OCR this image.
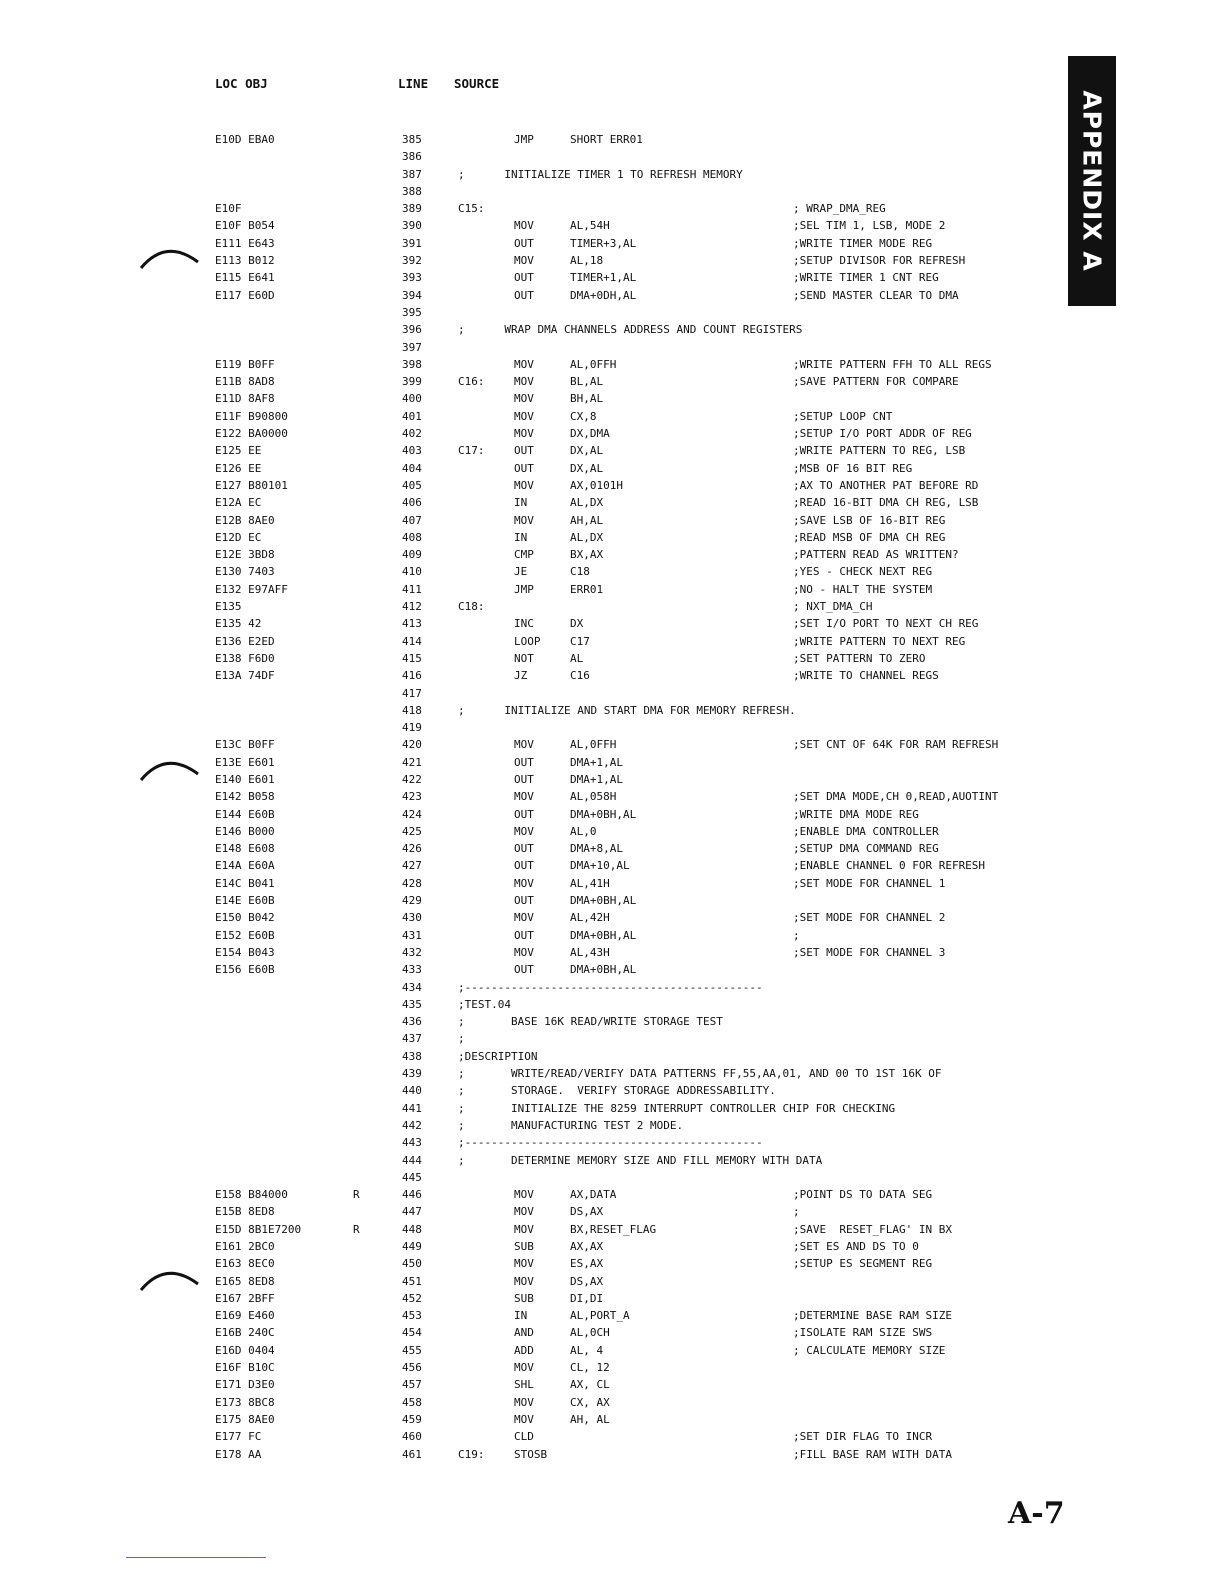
LOC OBJ	LINE SOURCE
APPENDIX A
E10D EBA0	385	JMP	SHORT ERR01
386
387	;      INITIALIZE TIMER 1 TO REFRESH MEMORY
388
E10F	389	C15:	; WRAP_DMA_REG
E10F B054	390	MOV	AL,54H	;SEL TIM 1, LSB, MODE 2
E111 E643	391	OUT	TIMER+3,AL	;WRITE TIMER MODE REG
E113 B012	392	MOV	AL,18	;SETUP DIVISOR FOR REFRESH
E115 E641	393	OUT	TIMER+1,AL	;WRITE TIMER 1 CNT REG
E117 E60D	394	OUT	DMA+0DH,AL	;SEND MASTER CLEAR TO DMA
395
396	;      WRAP DMA CHANNELS ADDRESS AND COUNT REGISTERS
397
E119 B0FF	398	MOV	AL,0FFH	;WRITE PATTERN FFH TO ALL REGS
E11B 8AD8	399	C16:	MOV	BL,AL	;SAVE PATTERN FOR COMPARE
E11D 8AF8	400	MOV	BH,AL
E11F B90800	401	MOV	CX,8	;SETUP LOOP CNT
E122 BA0000	402	MOV	DX,DMA	;SETUP I/O PORT ADDR OF REG
E125 EE	403	C17:	OUT	DX,AL	;WRITE PATTERN TO REG, LSB
E126 EE	404	OUT	DX,AL	;MSB OF 16 BIT REG
E127 B80101	405	MOV	AX,0101H	;AX TO ANOTHER PAT BEFORE RD
E12A EC	406	IN	AL,DX	;READ 16-BIT DMA CH REG, LSB
E12B 8AE0	407	MOV	AH,AL	;SAVE LSB OF 16-BIT REG
E12D EC	408	IN	AL,DX	;READ MSB OF DMA CH REG
E12E 3BD8	409	CMP	BX,AX	;PATTERN READ AS WRITTEN?
E130 7403	410	JE	C18	;YES - CHECK NEXT REG
E132 E97AFF	411	JMP	ERR01	;NO - HALT THE SYSTEM
E135	412	C18:	; NXT_DMA_CH
E135 42	413	INC	DX	;SET I/O PORT TO NEXT CH REG
E136 E2ED	414	LOOP	C17	;WRITE PATTERN TO NEXT REG
E138 F6D0	415	NOT	AL	;SET PATTERN TO ZERO
E13A 74DF	416	JZ	C16	;WRITE TO CHANNEL REGS
417
418	;      INITIALIZE AND START DMA FOR MEMORY REFRESH.
419
E13C B0FF	420	MOV	AL,0FFH	;SET CNT OF 64K FOR RAM REFRESH
E13E E601	421	OUT	DMA+1,AL
E140 E601	422	OUT	DMA+1,AL
E142 B058	423	MOV	AL,058H	;SET DMA MODE,CH 0,READ,AUOTINT
E144 E60B	424	OUT	DMA+0BH,AL	;WRITE DMA MODE REG
E146 B000	425	MOV	AL,0	;ENABLE DMA CONTROLLER
E148 E608	426	OUT	DMA+8,AL	;SETUP DMA COMMAND REG
E14A E60A	427	OUT	DMA+10,AL	;ENABLE CHANNEL 0 FOR REFRESH
E14C B041	428	MOV	AL,41H	;SET MODE FOR CHANNEL 1
E14E E60B	429	OUT	DMA+0BH,AL
E150 B042	430	MOV	AL,42H	;SET MODE FOR CHANNEL 2
E152 E60B	431	OUT	DMA+0BH,AL	;
E154 B043	432	MOV	AL,43H	;SET MODE FOR CHANNEL 3
E156 E60B	433	OUT	DMA+0BH,AL
434	;---------------------------------------------
435	;TEST.04
436	;       BASE 16K READ/WRITE STORAGE TEST
437	;
438	;DESCRIPTION
439	;       WRITE/READ/VERIFY DATA PATTERNS FF,55,AA,01, AND 00 TO 1ST 16K OF
440	;       STORAGE.  VERIFY STORAGE ADDRESSABILITY.
441	;       INITIALIZE THE 8259 INTERRUPT CONTROLLER CHIP FOR CHECKING
442	;       MANUFACTURING TEST 2 MODE.
443	;---------------------------------------------
444	;       DETERMINE MEMORY SIZE AND FILL MEMORY WITH DATA
445
E158 B84000	R	446	MOV	AX,DATA	;POINT DS TO DATA SEG
E15B 8ED8	447	MOV	DS,AX	;
E15D 8B1E7200	R	448	MOV	BX,RESET_FLAG	;SAVE  RESET_FLAG' IN BX
E161 2BC0	449	SUB	AX,AX	;SET ES AND DS TO 0
E163 8EC0	450	MOV	ES,AX	;SETUP ES SEGMENT REG
E165 8ED8	451	MOV	DS,AX
E167 2BFF	452	SUB	DI,DI
E169 E460	453	IN	AL,PORT_A	;DETERMINE BASE RAM SIZE
E16B 240C	454	AND	AL,0CH	;ISOLATE RAM SIZE SWS
E16D 0404	455	ADD	AL, 4	; CALCULATE MEMORY SIZE
E16F B10C	456	MOV	CL, 12
E171 D3E0	457	SHL	AX, CL
E173 8BC8	458	MOV	CX, AX
E175 8AE0	459	MOV	AH, AL
E177 FC	460	CLD	;SET DIR FLAG TO INCR
E178 AA	461	C19:	STOSB	;FILL BASE RAM WITH DATA
A-7
